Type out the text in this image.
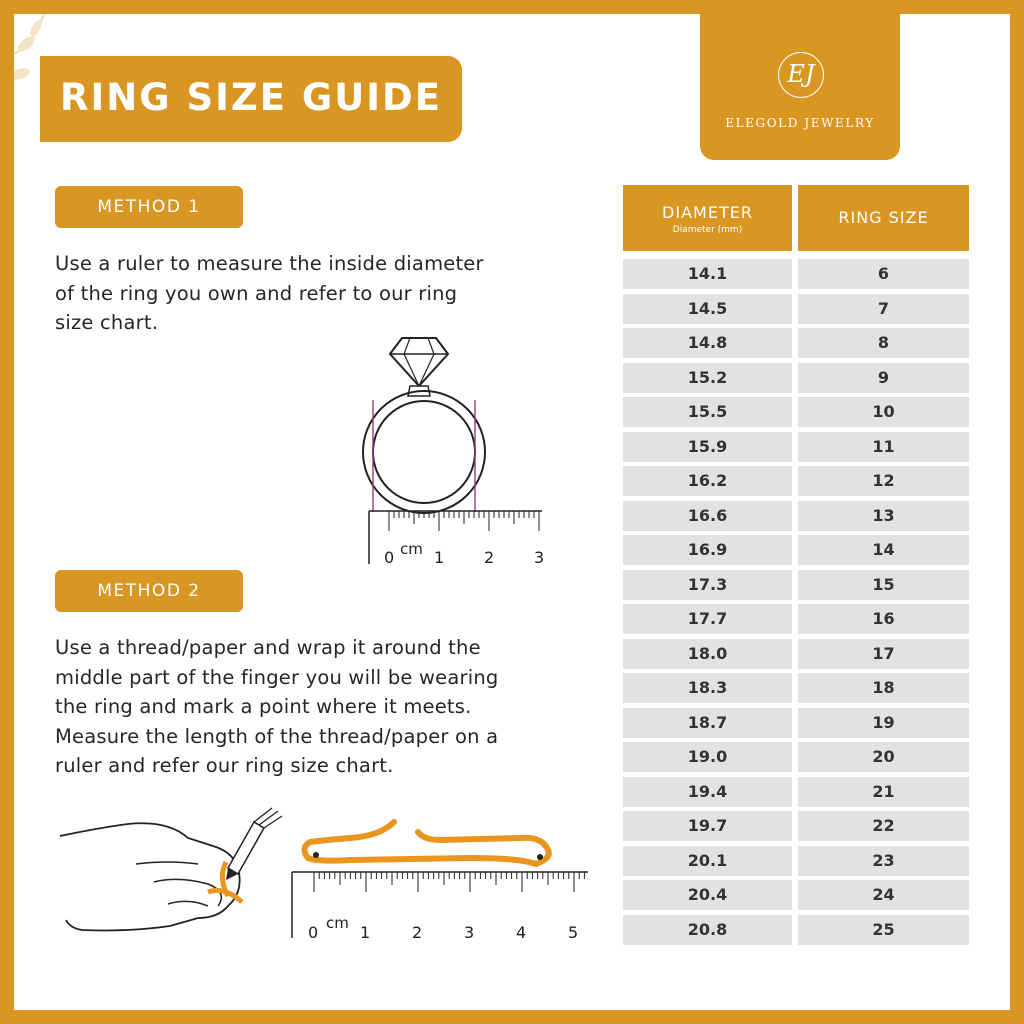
RING SIZE GUIDE
EJ
ELEGOLD JEWELRY
METHOD 1
Use a ruler to measure the inside diameter
of the ring you own and refer to our ring
size chart.
0 cm 1 2 3
METHOD 2
Use a thread/paper and wrap it around the
middle part of the finger you will be wearing
the ring and mark a point where it meets.
Measure the length of the thread/paper on a
ruler and refer our ring size chart.
0 cm 1	2	3	4	5
DIAMETER
Diameter (mm)
RING SIZE
14.1	6
14.5	7
14.8	8
15.2	9
15.5	10
15.9	11
16.2	12
16.6	13
16.9	14
17.3	15
17.7	16
18.0	17
18.3	18
18.7	19
19.0	20
19.4	21
19.7	22
20.1	23
20.4	24
20.8	25
